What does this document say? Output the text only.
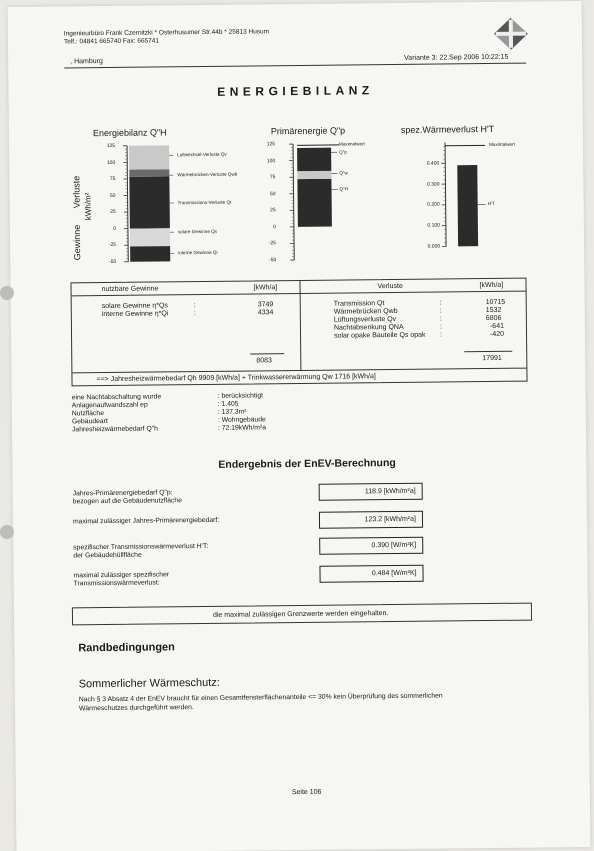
Ingenieurbüro Frank Czernitzki * Osterhusumer Str.44b * 25813 Husum
Telf.: 04841 665740 Fax: 665741
, Hamburg	Variante 3: 22.Sep 2006 10:22:15
ENERGIEBILANZ
Energiebilanz Q"H
Gewinne
Verluste kWh/m²
Primärenergie Q"p	spez.Wärmeverlust H'T
nutzbare Gewinne	[kWh/a]	Verluste	[kWh/a]
8083	17991
==> Jahresheizwärmebedarf Qh 9909 [kWh/a] + Trinkwassererwärmung Qw 1716 [kWh/a]
solare Gewinne η*Qs	:	3749
interne Gewinne η*Qi	:	4334
Transmission Qt	:	10715
Wärmebrücken Qwb	:	1532
Lüftungsverluste Qv	:	6806
Nachtabsenkung QNA	:	-641
solar opake Bauteile Qs opak :	-420
Endergebnis der EnEV-Berechnung
die maximal zulässigen Grenzwerte werden eingehalten.
Randbedingungen
Sommerlicher Wärmeschutz:
Nach § 3 Absatz 4 der EnEV braucht für einen Gesamtfensterflächenanteile <= 30% kein Überprüfung des sommerlichen
Wärmeschutzes durchgeführt werden.
Seite 106
125
100
75
50
25
0
-25
-50
Luftwechsel-Verluste Qv
Wärmebrücken-Verluste Qwb
Transmissions-Verluste Qt
solare Gewinne Qs
interne Gewinne Qi
125
100
75
50
25
0
-25
-50
Maximalwert
Q"p
Q"w
Q"H
0.400
0.300
0.200
0.100
0.000
Maximalwert
H'T
eine Nachtabschaltung wurde	: berücksichtigt
Anlagenaufwandszahl ep	: 1.405
Nutzfläche	: 137.3m²
Gebäudeart	: Wohngebäude
Jahresheizwärmebedarf Q"h	: 72.19kWh/m²a
Jahres-Primärenergiebedarf Q"p:
bezogen auf die Gebäudenutzfläche
118.9 [kWh/m²a]
maximal zulässiger Jahres-Primärenergiebedarf:	123.2 [kWh/m²a]
spezifischer Transmissionswärmeverlust H'T:
der Gebäudehüllfläche
0.390 [W/m²K]
maximal zulässiger spezifischer
Transmissionswärmeverlust:
0.484 [W/m²K]
